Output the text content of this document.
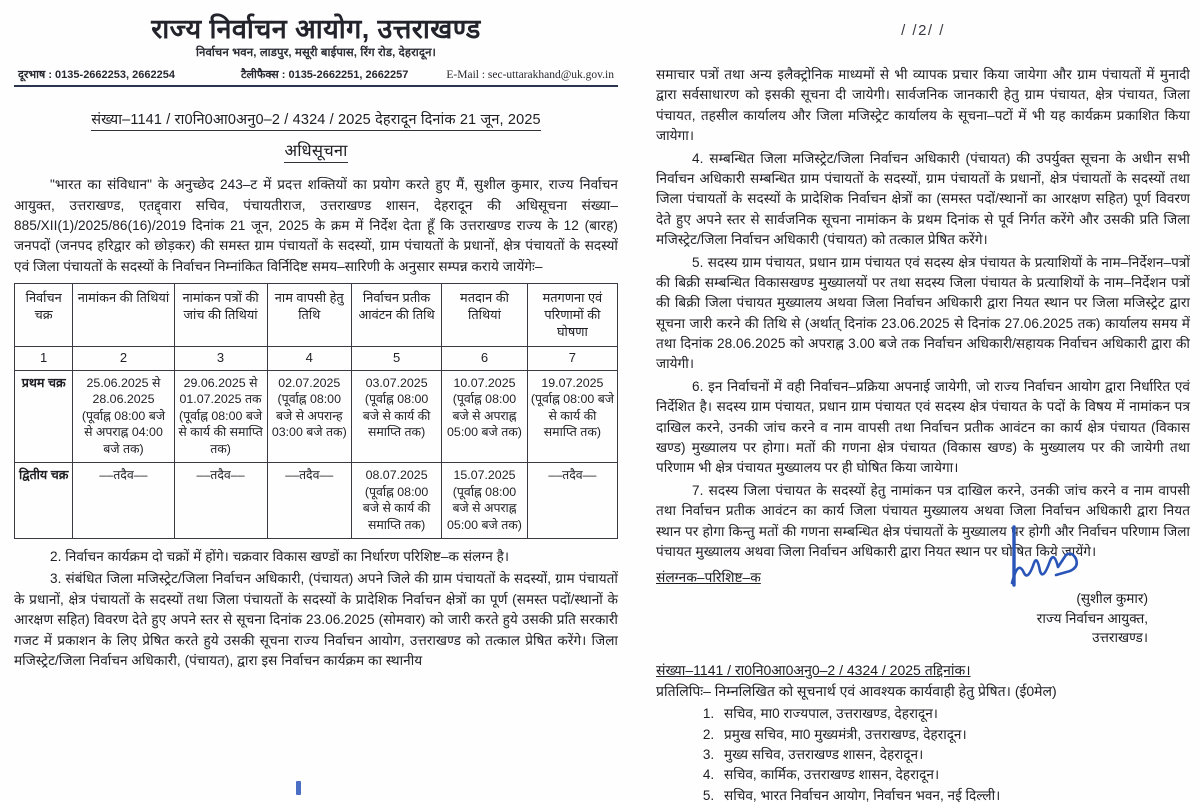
राज्य निर्वाचन आयोग, उत्तराखण्ड
निर्वाचन भवन, लाडपुर, मसूरी बाईपास, रिंग रोड, देहरादून।
दूरभाष : 0135-2662253, 2662254	टैलीफैक्स : 0135-2662251, 2662257	E-Mail : sec-uttarakhand@uk.gov.in
संख्या–1141 / रा0नि0आ0अनु0–2 / 4324 / 2025 देहरादून दिनांक 21 जून, 2025
अधिसूचना

"भारत का संविधान" के अनुच्छेद 243–ट में प्रदत्त शक्तियों का प्रयोग करते हुए मैं, सुशील कुमार, राज्य निर्वाचन आयुक्त, उत्तराखण्ड, एतद्द्वारा सचिव, पंचायतीराज, उत्तराखण्ड शासन, देहरादून की अधिसूचना संख्या–885/XII(1)/2025/86(16)/2019 दिनांक 21 जून, 2025 के क्रम में निर्देश देता हूँ कि उत्तराखण्ड राज्य के 12 (बारह) जनपदों (जनपद हरिद्वार को छोड़कर) की समस्त ग्राम पंचायतों के सदस्यों, ग्राम पंचायतों के प्रधानों, क्षेत्र पंचायतों के सदस्यों एवं जिला पंचायतों के सदस्यों के निर्वाचन निम्नांकित विर्निदिष्ट समय–सारिणी के अनुसार सम्पन्न कराये जायेंगेः–

निर्वाचन चक्र	नामांकन की तिथियां	नामांकन पत्रों की जांच की तिथियां	नाम वापसी हेतु तिथि	निर्वाचन प्रतीक आवंटन की तिथि	मतदान की तिथियां	मतगणना एवं परिणामों की घोषणा
1	2	3	4	5	6	7
प्रथम चक्र	25.06.2025 से 28.06.2025 (पूर्वाह्न 08:00 बजे से अपराह्न 04:00 बजे तक)	29.06.2025 से 01.07.2025 तक (पूर्वाह्न 08:00 बजे से कार्य की समाप्ति तक)	02.07.2025 (पूर्वाह्न 08:00 बजे से अपरान्ह 03:00 बजे तक)	03.07.2025 (पूर्वाह्न 08:00 बजे से कार्य की समाप्ति तक)	10.07.2025 (पूर्वाह्न 08:00 बजे से अपराह्न 05:00 बजे तक)	19.07.2025 (पूर्वाह्न 08:00 बजे से कार्य की समाप्ति तक)
द्वितीय चक्र	––तदैव––	––तदैव––	––तदैव––	08.07.2025 (पूर्वाह्न 08:00 बजे से कार्य की समाप्ति तक)	15.07.2025 (पूर्वाह्न 08:00 बजे से अपराह्न 05:00 बजे तक)	––तदैव––

2. निर्वाचन कार्यक्रम दो चक्रों में होंगे। चक्रवार विकास खण्डों का निर्धारण परिशिष्ट–क संलग्न है।

3. संबंधित जिला मजिस्ट्रेट/जिला निर्वाचन अधिकारी, (पंचायत) अपने जिले की ग्राम पंचायतों के सदस्यों, ग्राम पंचायतों के प्रधानों, क्षेत्र पंचायतों के सदस्यों तथा जिला पंचायतों के सदस्यों के प्रादेशिक निर्वाचन क्षेत्रों का पूर्ण (समस्त पदों/स्थानों के आरक्षण सहित) विवरण देते हुए अपने स्तर से सूचना दिनांक 23.06.2025 (सोमवार) को जारी करते हुये उसकी प्रति सरकारी गजट में प्रकाशन के लिए प्रेषित करते हुये उसकी सूचना राज्य निर्वाचन आयोग, उत्तराखण्ड को तत्काल प्रेषित करेंगे। जिला मजिस्ट्रेट/जिला निर्वाचन अधिकारी, (पंचायत), द्वारा इस निर्वाचन कार्यक्रम का स्थानीय

/ /2/ /

समाचार पत्रों तथा अन्य इलैक्ट्रोनिक माध्यमों से भी व्यापक प्रचार किया जायेगा और ग्राम पंचायतों में मुनादी द्वारा सर्वसाधारण को इसकी सूचना दी जायेगी। सार्वजनिक जानकारी हेतु ग्राम पंचायत, क्षेत्र पंचायत, जिला पंचायत, तहसील कार्यालय और जिला मजिस्ट्रेट कार्यालय के सूचना–पटों में भी यह कार्यक्रम प्रकाशित किया जायेगा।

4. सम्बन्धित जिला मजिस्ट्रेट/जिला निर्वाचन अधिकारी (पंचायत) की उपर्युक्त सूचना के अधीन सभी निर्वाचन अधिकारी सम्बन्धित ग्राम पंचायतों के सदस्यों, ग्राम पंचायतों के प्रधानों, क्षेत्र पंचायतों के सदस्यों तथा जिला पंचायतों के सदस्यों के प्रादेशिक निर्वाचन क्षेत्रों का (समस्त पदों/स्थानों का आरक्षण सहित) पूर्ण विवरण देते हुए अपने स्तर से सार्वजनिक सूचना नामांकन के प्रथम दिनांक से पूर्व निर्गत करेंगे और उसकी प्रति जिला मजिस्ट्रेट/जिला निर्वाचन अधिकारी (पंचायत) को तत्काल प्रेषित करेंगे।

5. सदस्य ग्राम पंचायत, प्रधान ग्राम पंचायत एवं सदस्य क्षेत्र पंचायत के प्रत्याशियों के नाम–निर्देशन–पत्रों की बिक्री सम्बन्धित विकासखण्ड मुख्यालयों पर तथा सदस्य जिला पंचायत के प्रत्याशियों के नाम–निर्देशन पत्रों की बिक्री जिला पंचायत मुख्यालय अथवा जिला निर्वाचन अधिकारी द्वारा नियत स्थान पर जिला मजिस्ट्रेट द्वारा सूचना जारी करने की तिथि से (अर्थात् दिनांक 23.06.2025 से दिनांक 27.06.2025 तक) कार्यालय समय में तथा दिनांक 28.06.2025 को अपराह्न 3.00 बजे तक निर्वाचन अधिकारी/सहायक निर्वाचन अधिकारी द्वारा की जायेगी।

6. इन निर्वाचनों में वही निर्वाचन–प्रक्रिया अपनाई जायेगी, जो राज्य निर्वाचन आयोग द्वारा निर्धारित एवं निर्देशित है। सदस्य ग्राम पंचायत, प्रधान ग्राम पंचायत एवं सदस्य क्षेत्र पंचायत के पदों के विषय में नामांकन पत्र दाखिल करने, उनकी जांच करने व नाम वापसी तथा निर्वाचन प्रतीक आवंटन का कार्य क्षेत्र पंचायत (विकास खण्ड) मुख्यालय पर होगा। मतों की गणना क्षेत्र पंचायत (विकास खण्ड) के मुख्यालय पर की जायेगी तथा परिणाम भी क्षेत्र पंचायत मुख्यालय पर ही घोषित किया जायेगा।

7. सदस्य जिला पंचायत के सदस्यों हेतु नामांकन पत्र दाखिल करने, उनकी जांच करने व नाम वापसी तथा निर्वाचन प्रतीक आवंटन का कार्य जिला पंचायत मुख्यालय अथवा जिला निर्वाचन अधिकारी द्वारा नियत स्थान पर होगा किन्तु मतों की गणना सम्बन्धित क्षेत्र पंचायतों के मुख्यालय पर होगी और निर्वाचन परिणाम जिला पंचायत मुख्यालय अथवा जिला निर्वाचन अधिकारी द्वारा नियत स्थान पर घोषित किये जायेंगे।

संलग्नक–परिशिष्ट–क
(सुशील कुमार)
राज्य निर्वाचन आयुक्त,
उत्तराखण्ड।
संख्या–1141 / रा0नि0आ0अनु0–2 / 4324 / 2025 तद्दिनांक।
प्रतिलिपिः– निम्नलिखित को सूचनार्थ एवं आवश्यक कार्यवाही हेतु प्रेषित। (ई0मेल)
1. सचिव, मा0 राज्यपाल, उत्तराखण्ड, देहरादून।
2. प्रमुख सचिव, मा0 मुख्यमंत्री, उत्तराखण्ड, देहरादून।
3. मुख्य सचिव, उत्तराखण्ड शासन, देहरादून।
4. सचिव, कार्मिक, उत्तराखण्ड शासन, देहरादून।
5. सचिव, भारत निर्वाचन आयोग, निर्वाचन भवन, नई दिल्ली।
